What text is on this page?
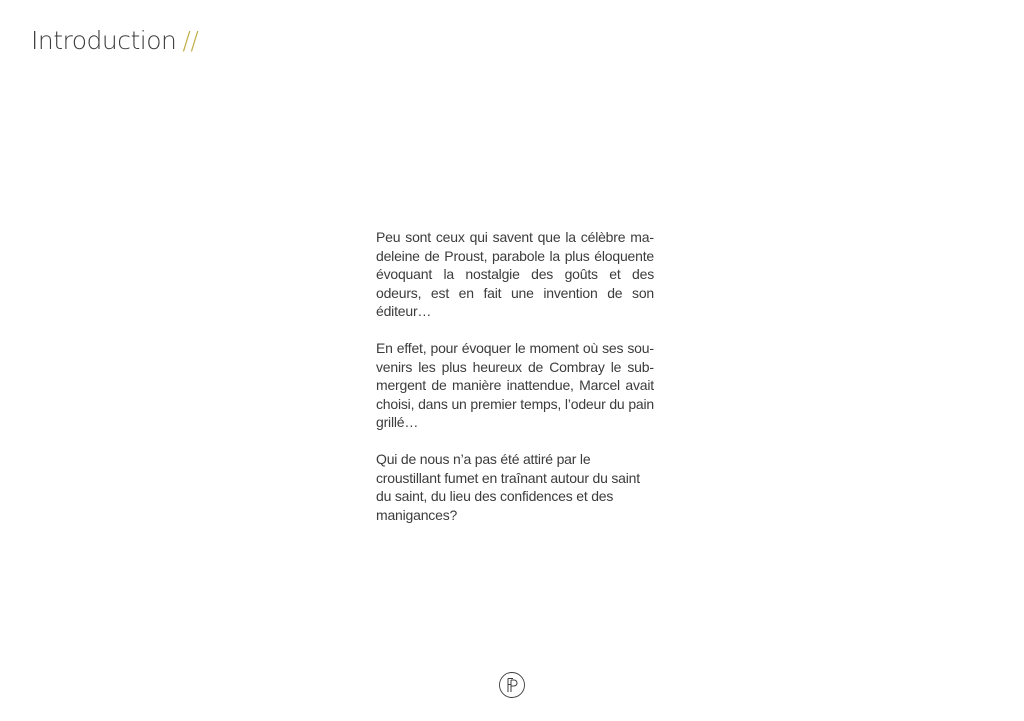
Introduction //

Peu sont ceux qui savent que la célèbre madeleine de Proust, parabole la plus éloquente évoquant la nostalgie des goûts et des odeurs, est en fait une invention de son éditeur…

En effet, pour évoquer le moment où ses souvenirs les plus heureux de Combray le submergent de manière inattendue, Marcel avait choisi, dans un premier temps, l’odeur du pain grillé…

Qui de nous n’a pas été attiré par le croustillant fumet en traînant autour du saint du saint, du lieu des confidences et des manigances?
